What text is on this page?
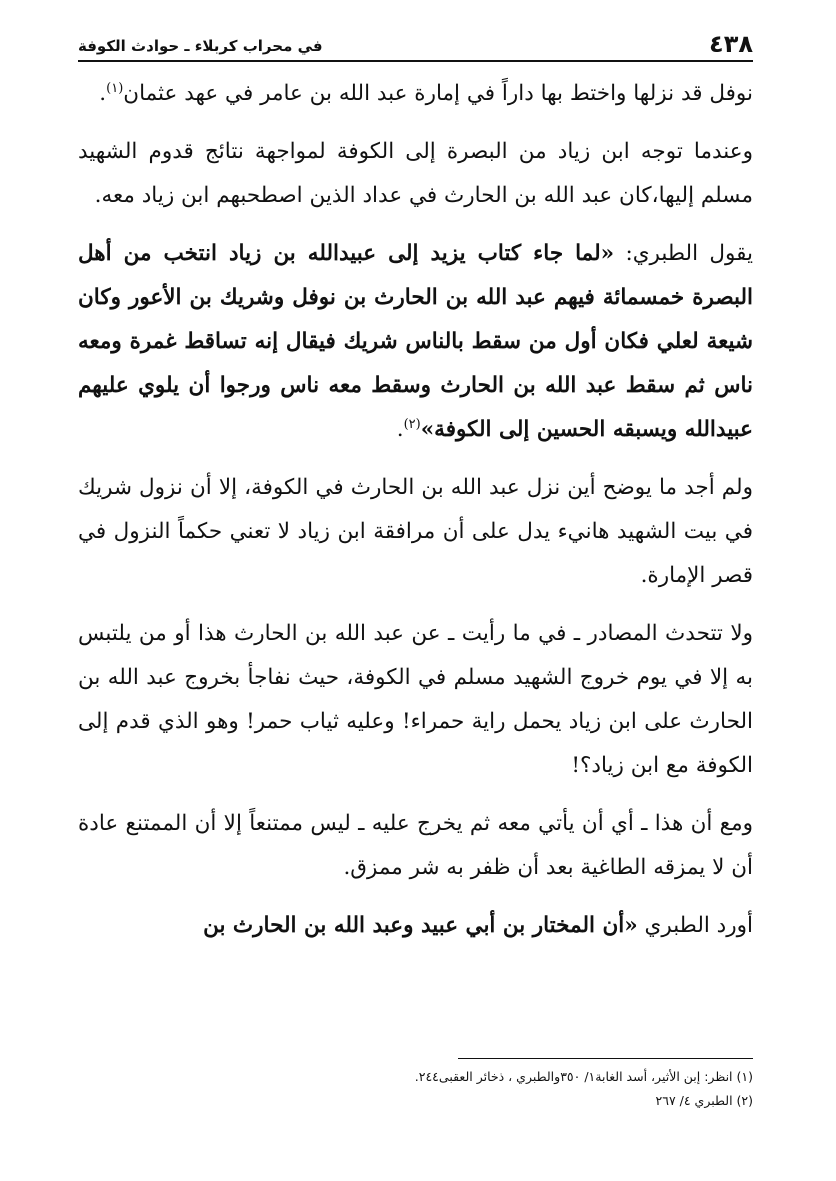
٤٣٨
في محراب كربلاء ـ حوادث الكوفة

نوفل قد نزلها واختط بها داراً في إمارة عبد الله بن عامر في عهد عثمان$^{(١)}$.

وعندما توجه ابن زياد من البصرة إلى الكوفة لمواجهة نتائج قدوم الشهيد مسلم إليها،كان عبد الله بن الحارث في عداد الذين اصطحبهم ابن زياد معه.

يقول الطبري: «لما جاء كتاب يزيد إلى عبيدالله بن زياد انتخب من أهل البصرة خمسمائة فيهم عبد الله بن الحارث بن نوفل وشريك بن الأعور وكان شيعة لعلي فكان أول من سقط بالناس شريك فيقال إنه تساقط غمرة ومعه ناس ثم سقط عبد الله بن الحارث وسقط معه ناس ورجوا أن يلوي عليهم عبيدالله ويسبقه الحسين إلى الكوفة»$^{(٢)}$.

ولم أجد ما يوضح أين نزل عبد الله بن الحارث في الكوفة، إلا أن نزول شريك في بيت الشهيد هانيء يدل على أن مرافقة ابن زياد لا تعني حكماً النزول في قصر الإمارة.

ولا تتحدث المصادر ـ في ما رأيت ـ عن عبد الله بن الحارث هذا أو من يلتبس به إلا في يوم خروج الشهيد مسلم في الكوفة، حيث نفاجأ بخروج عبد الله بن الحارث على ابن زياد يحمل راية حمراء! وعليه ثياب حمر! وهو الذي قدم إلى الكوفة مع ابن زياد؟!

ومع أن هذا ـ أي أن يأتي معه ثم يخرج عليه ـ ليس ممتنعاً إلا أن الممتنع عادة أن لا يمزقه الطاغية بعد أن ظفر به شر ممزق.

أورد الطبري «أن المختار بن أبي عبيد وعبد الله بن الحارث بن

(١) انظر: إبن الأثير، أسد الغابة١/ ٣٥٠والطبري ، ذخائر العقبى٢٤٤.

(٢) الطبري ٤/ ٢٦٧
